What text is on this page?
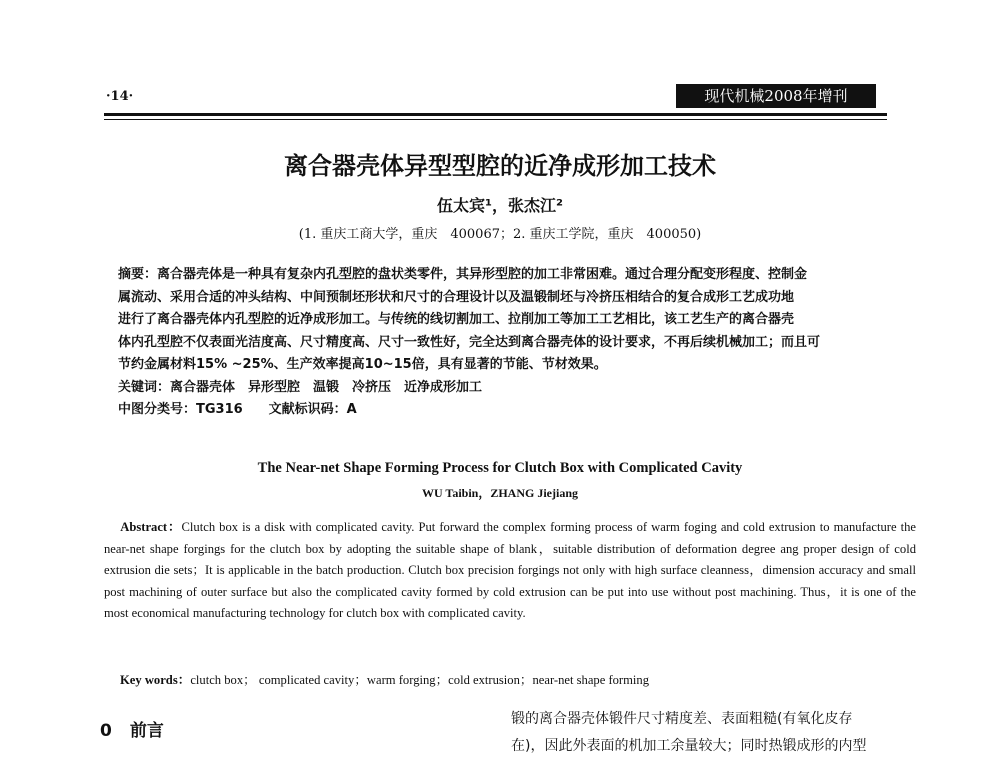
·14·	现代机械2008年增刊
离合器壳体异型型腔的近净成形加工技术
伍太宾¹，张杰江²
(1. 重庆工商大学，重庆　400067；2. 重庆工学院，重庆　400050)
摘要：离合器壳体是一种具有复杂内孔型腔的盘状类零件，其异形型腔的加工非常困难。通过合理分配变形程度、控制金
属流动、采用合适的冲头结构、中间预制坯形状和尺寸的合理设计以及温锻制坯与冷挤压相结合的复合成形工艺成功地
进行了离合器壳体内孔型腔的近净成形加工。与传统的线切割加工、拉削加工等加工工艺相比，该工艺生产的离合器壳
体内孔型腔不仅表面光洁度高、尺寸精度高、尺寸一致性好，完全达到离合器壳体的设计要求，不再后续机械加工；而且可
节约金属材料15% ~25%、生产效率提高10~15倍，具有显著的节能、节材效果。
关键词：离合器壳体　异形型腔　温锻　冷挤压　近净成形加工
中图分类号：TG316　　文献标识码：A
The Near-net Shape Forming Process for Clutch Box with Complicated Cavity
WU Taibin，ZHANG Jiejiang
Abstract：Clutch box is a disk with complicated cavity. Put forward the complex forming process of warm foging and cold extrusion to manufacture the near-net shape forgings for the clutch box by adopting the suitable shape of blank，suitable distribution of deformation degree ang proper design of cold extrusion die sets；It is applicable in the batch production. Clutch box precision forgings not only with high surface cleanness，dimension accuracy and small post machining of outer surface but also the complicated cavity formed by cold extrusion can be put into use without post machining. Thus，it is one of the most economical manufacturing technology for clutch box with complicated cavity.
Key words：clutch box； complicated cavity；warm forging；cold extrusion；near-net shape forming
0 前言
锻的离合器壳体锻件尺寸精度差、表面粗糙(有氧化皮存
在)，因此外表面的机加工余量较大；同时热锻成形的内型
